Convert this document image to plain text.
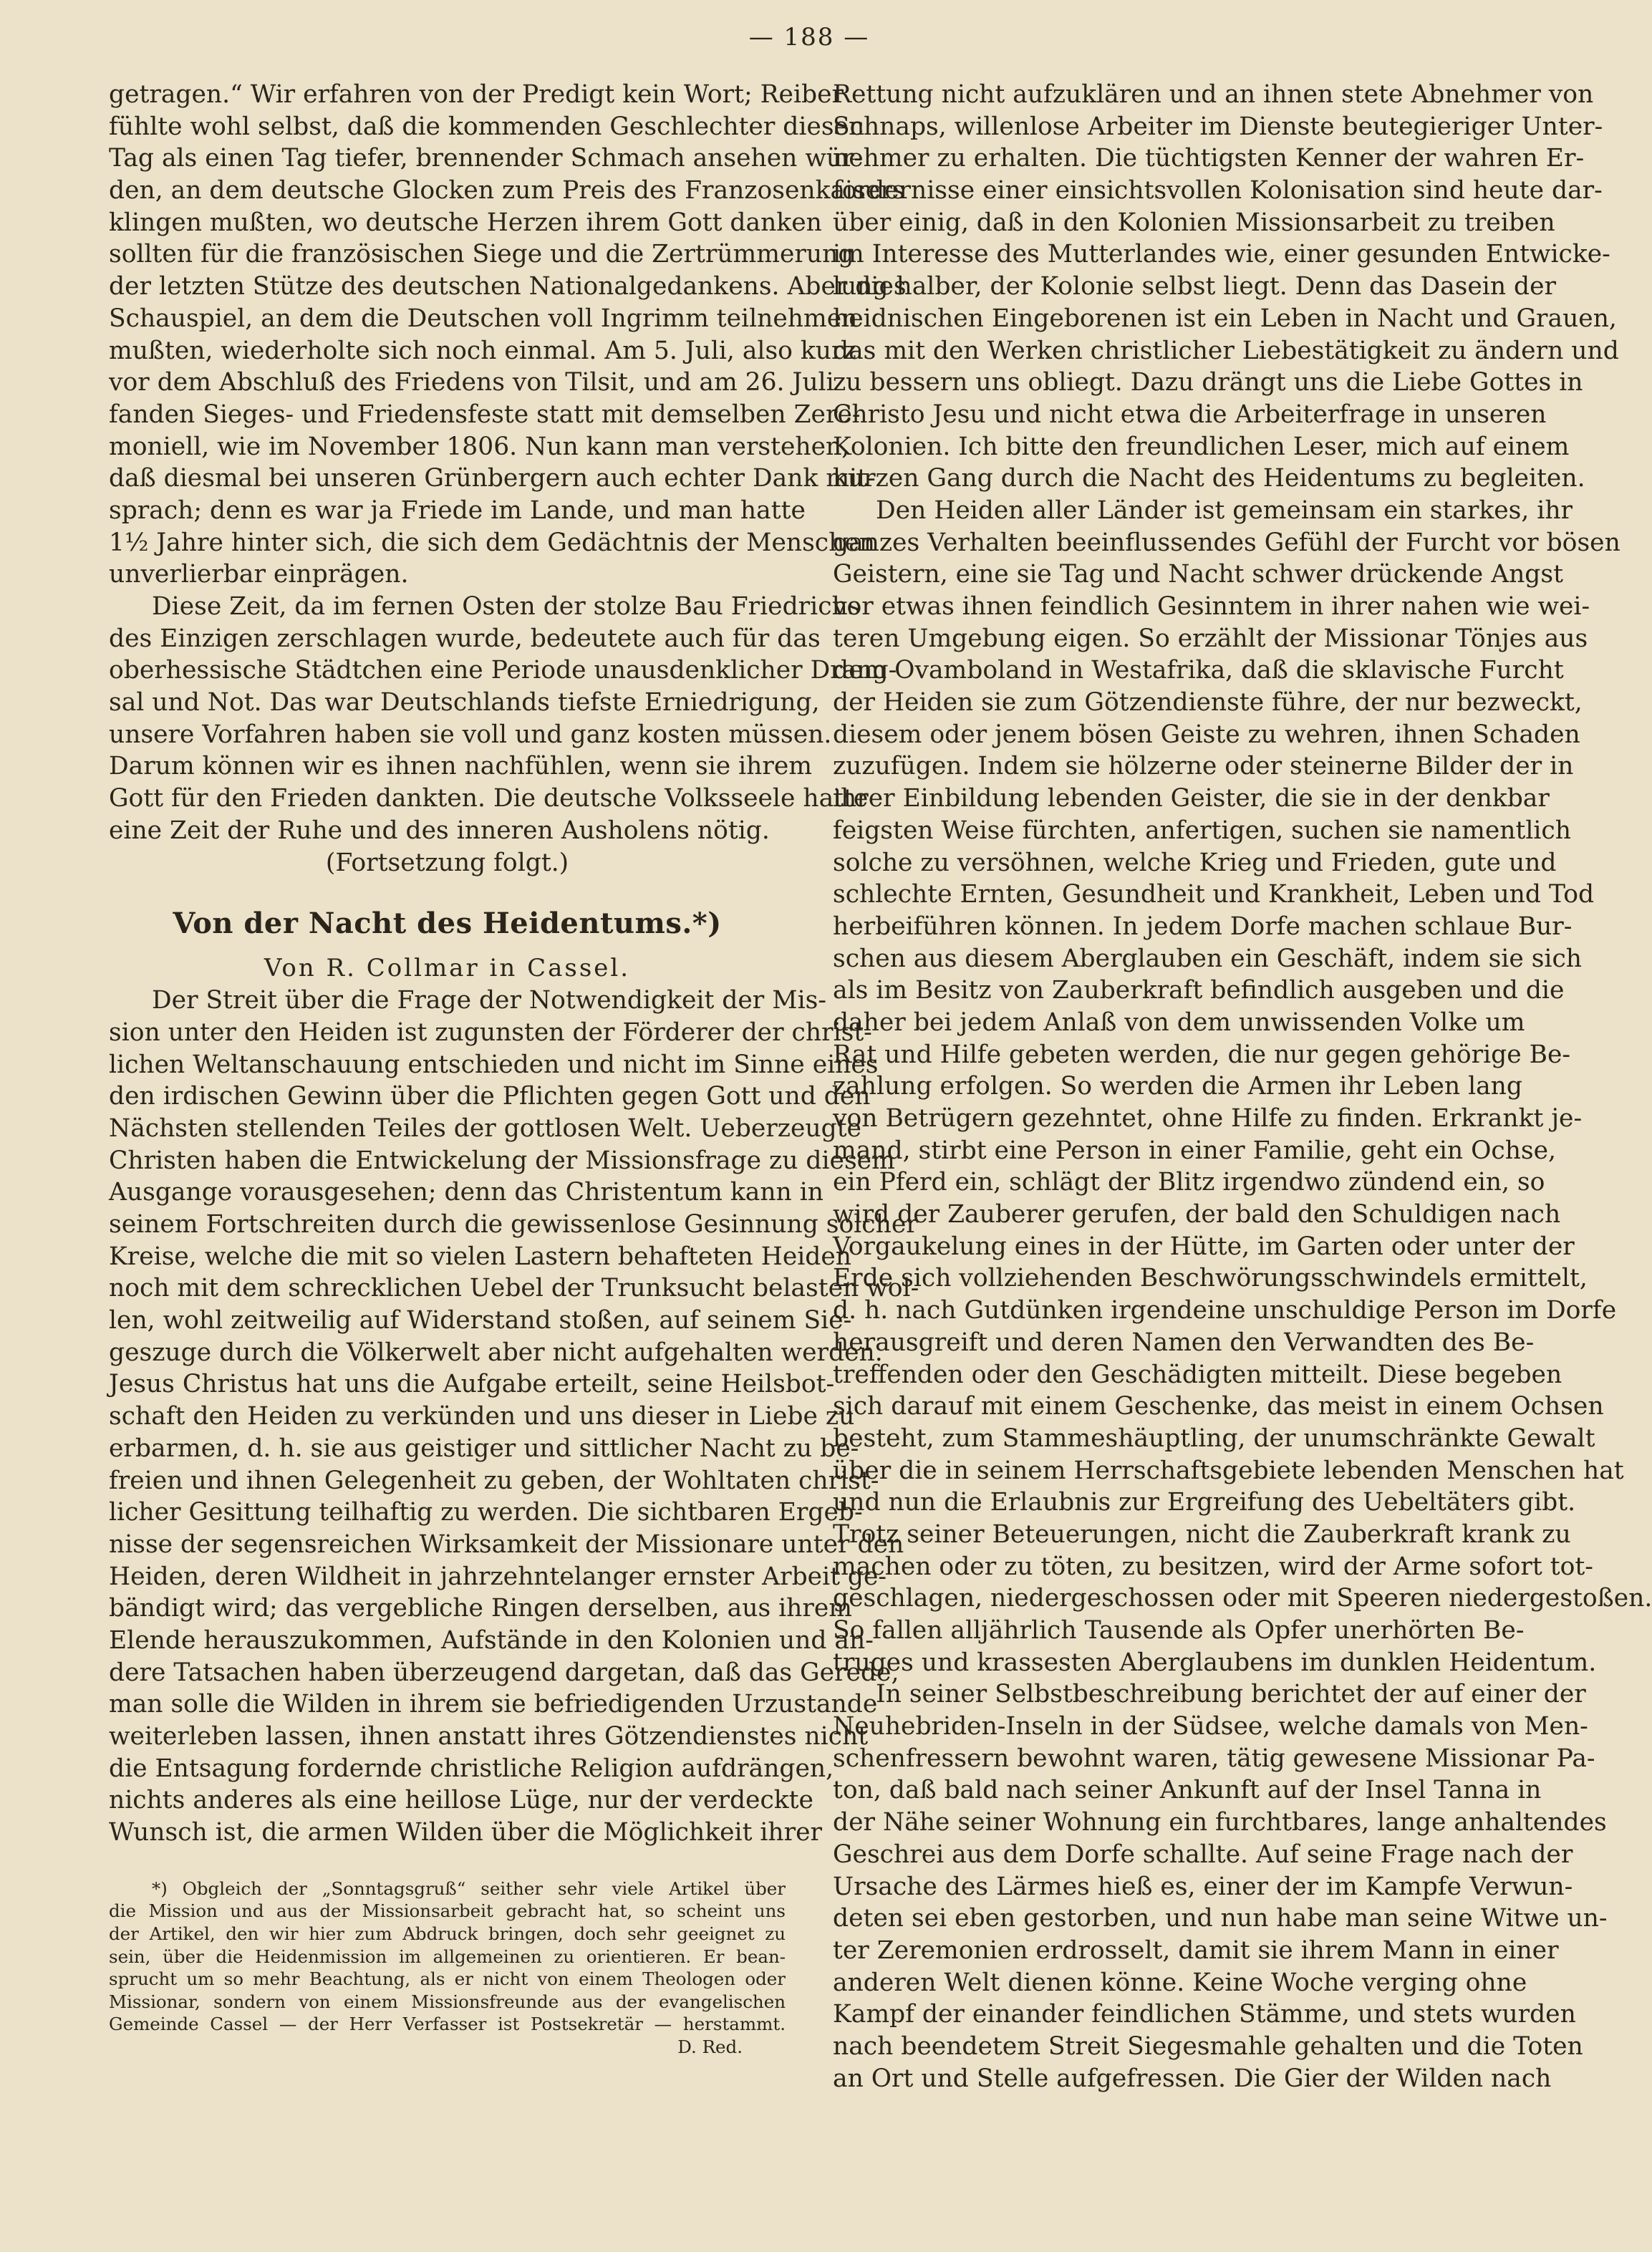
— 188 —
getragen.“ Wir erfahren von der Predigt kein Wort; Reiber
fühlte wohl selbst, daß die kommenden Geschlechter diesen
Tag als einen Tag tiefer, brennender Schmach ansehen wür-
den, an dem deutsche Glocken zum Preis des Franzosenkaisers
klingen mußten, wo deutsche Herzen ihrem Gott danken
sollten für die französischen Siege und die Zertrümmerung
der letzten Stütze des deutschen Nationalgedankens. Aber dies
Schauspiel, an dem die Deutschen voll Ingrimm teilnehmen
mußten, wiederholte sich noch einmal. Am 5. Juli, also kurz
vor dem Abschluß des Friedens von Tilsit, und am 26. Juli
fanden Sieges- und Friedensfeste statt mit demselben Zere-
moniell, wie im November 1806. Nun kann man verstehen,
daß diesmal bei unseren Grünbergern auch echter Dank mit-
sprach; denn es war ja Friede im Lande, und man hatte
1½ Jahre hinter sich, die sich dem Gedächtnis der Menschen
unverlierbar einprägen.
Diese Zeit, da im fernen Osten der stolze Bau Friedrichs
des Einzigen zerschlagen wurde, bedeutete auch für das
oberhessische Städtchen eine Periode unausdenklicher Drang-
sal und Not. Das war Deutschlands tiefste Erniedrigung,
unsere Vorfahren haben sie voll und ganz kosten müssen.
Darum können wir es ihnen nachfühlen, wenn sie ihrem
Gott für den Frieden dankten. Die deutsche Volksseele hatte
eine Zeit der Ruhe und des inneren Ausholens nötig.
(Fortsetzung folgt.)
Von der Nacht des Heidentums.*)
Von R. Collmar in Cassel.
Der Streit über die Frage der Notwendigkeit der Mis-
sion unter den Heiden ist zugunsten der Förderer der christ-
lichen Weltanschauung entschieden und nicht im Sinne eines
den irdischen Gewinn über die Pflichten gegen Gott und den
Nächsten stellenden Teiles der gottlosen Welt. Ueberzeugte
Christen haben die Entwickelung der Missionsfrage zu diesem
Ausgange vorausgesehen; denn das Christentum kann in
seinem Fortschreiten durch die gewissenlose Gesinnung solcher
Kreise, welche die mit so vielen Lastern behafteten Heiden
noch mit dem schrecklichen Uebel der Trunksucht belasten wol-
len, wohl zeitweilig auf Widerstand stoßen, auf seinem Sie-
geszuge durch die Völkerwelt aber nicht aufgehalten werden.
Jesus Christus hat uns die Aufgabe erteilt, seine Heilsbot-
schaft den Heiden zu verkünden und uns dieser in Liebe zu
erbarmen, d. h. sie aus geistiger und sittlicher Nacht zu be-
freien und ihnen Gelegenheit zu geben, der Wohltaten christ-
licher Gesittung teilhaftig zu werden. Die sichtbaren Ergeb-
nisse der segensreichen Wirksamkeit der Missionare unter den
Heiden, deren Wildheit in jahrzehntelanger ernster Arbeit ge-
bändigt wird; das vergebliche Ringen derselben, aus ihrem
Elende herauszukommen, Aufstände in den Kolonien und an-
dere Tatsachen haben überzeugend dargetan, daß das Gerede,
man solle die Wilden in ihrem sie befriedigenden Urzustande
weiterleben lassen, ihnen anstatt ihres Götzendienstes nicht
die Entsagung fordernde christliche Religion aufdrängen,
nichts anderes als eine heillose Lüge, nur der verdeckte
Wunsch ist, die armen Wilden über die Möglichkeit ihrer
*) Obgleich der „Sonntagsgruß“ seither sehr viele Artikel über
die Mission und aus der Missionsarbeit gebracht hat, so scheint uns
der Artikel, den wir hier zum Abdruck bringen, doch sehr geeignet zu
sein, über die Heidenmission im allgemeinen zu orientieren. Er bean-
sprucht um so mehr Beachtung, als er nicht von einem Theologen oder
Missionar, sondern von einem Missionsfreunde aus der evangelischen
Gemeinde Cassel — der Herr Verfasser ist Postsekretär — herstammt.
D. Red.
Rettung nicht aufzuklären und an ihnen stete Abnehmer von
Schnaps, willenlose Arbeiter im Dienste beutegieriger Unter-
nehmer zu erhalten. Die tüchtigsten Kenner der wahren Er-
fordernisse einer einsichtsvollen Kolonisation sind heute dar-
über einig, daß in den Kolonien Missionsarbeit zu treiben
im Interesse des Mutterlandes wie, einer gesunden Entwicke-
lung halber, der Kolonie selbst liegt. Denn das Dasein der
heidnischen Eingeborenen ist ein Leben in Nacht und Grauen,
das mit den Werken christlicher Liebestätigkeit zu ändern und
zu bessern uns obliegt. Dazu drängt uns die Liebe Gottes in
Christo Jesu und nicht etwa die Arbeiterfrage in unseren
Kolonien. Ich bitte den freundlichen Leser, mich auf einem
kurzen Gang durch die Nacht des Heidentums zu begleiten.
Den Heiden aller Länder ist gemeinsam ein starkes, ihr
ganzes Verhalten beeinflussendes Gefühl der Furcht vor bösen
Geistern, eine sie Tag und Nacht schwer drückende Angst
vor etwas ihnen feindlich Gesinntem in ihrer nahen wie wei-
teren Umgebung eigen. So erzählt der Missionar Tönjes aus
dem Ovamboland in Westafrika, daß die sklavische Furcht
der Heiden sie zum Götzendienste führe, der nur bezweckt,
diesem oder jenem bösen Geiste zu wehren, ihnen Schaden
zuzufügen. Indem sie hölzerne oder steinerne Bilder der in
ihrer Einbildung lebenden Geister, die sie in der denkbar
feigsten Weise fürchten, anfertigen, suchen sie namentlich
solche zu versöhnen, welche Krieg und Frieden, gute und
schlechte Ernten, Gesundheit und Krankheit, Leben und Tod
herbeiführen können. In jedem Dorfe machen schlaue Bur-
schen aus diesem Aberglauben ein Geschäft, indem sie sich
als im Besitz von Zauberkraft befindlich ausgeben und die
daher bei jedem Anlaß von dem unwissenden Volke um
Rat und Hilfe gebeten werden, die nur gegen gehörige Be-
zahlung erfolgen. So werden die Armen ihr Leben lang
von Betrügern gezehntet, ohne Hilfe zu finden. Erkrankt je-
mand, stirbt eine Person in einer Familie, geht ein Ochse,
ein Pferd ein, schlägt der Blitz irgendwo zündend ein, so
wird der Zauberer gerufen, der bald den Schuldigen nach
Vorgaukelung eines in der Hütte, im Garten oder unter der
Erde sich vollziehenden Beschwörungsschwindels ermittelt,
d. h. nach Gutdünken irgendeine unschuldige Person im Dorfe
herausgreift und deren Namen den Verwandten des Be-
treffenden oder den Geschädigten mitteilt. Diese begeben
sich darauf mit einem Geschenke, das meist in einem Ochsen
besteht, zum Stammeshäuptling, der unumschränkte Gewalt
über die in seinem Herrschaftsgebiete lebenden Menschen hat
und nun die Erlaubnis zur Ergreifung des Uebeltäters gibt.
Trotz seiner Beteuerungen, nicht die Zauberkraft krank zu
machen oder zu töten, zu besitzen, wird der Arme sofort tot-
geschlagen, niedergeschossen oder mit Speeren niedergestoßen.
So fallen alljährlich Tausende als Opfer unerhörten Be-
truges und krassesten Aberglaubens im dunklen Heidentum.
In seiner Selbstbeschreibung berichtet der auf einer der
Neuhebriden-Inseln in der Südsee, welche damals von Men-
schenfressern bewohnt waren, tätig gewesene Missionar Pa-
ton, daß bald nach seiner Ankunft auf der Insel Tanna in
der Nähe seiner Wohnung ein furchtbares, lange anhaltendes
Geschrei aus dem Dorfe schallte. Auf seine Frage nach der
Ursache des Lärmes hieß es, einer der im Kampfe Verwun-
deten sei eben gestorben, und nun habe man seine Witwe un-
ter Zeremonien erdrosselt, damit sie ihrem Mann in einer
anderen Welt dienen könne. Keine Woche verging ohne
Kampf der einander feindlichen Stämme, und stets wurden
nach beendetem Streit Siegesmahle gehalten und die Toten
an Ort und Stelle aufgefressen. Die Gier der Wilden nach
